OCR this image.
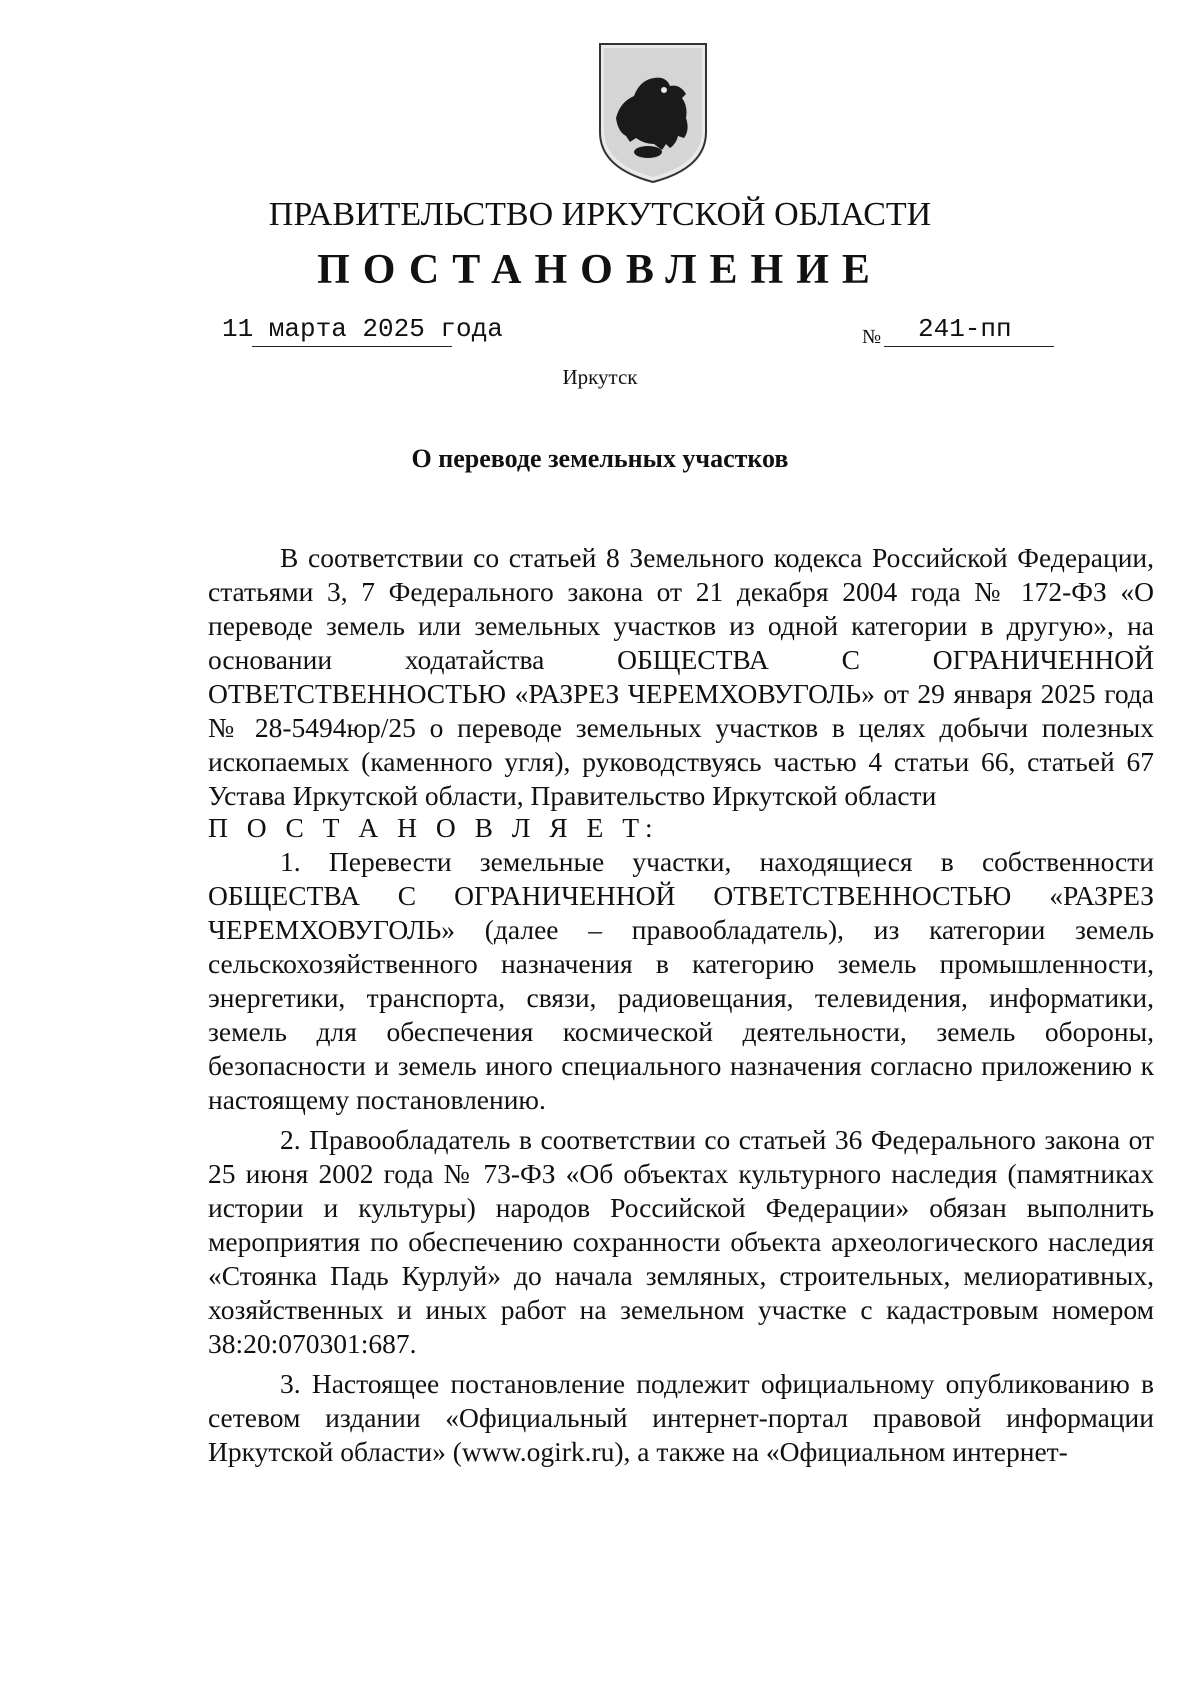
ПРАВИТЕЛЬСТВО ИРКУТСКОЙ ОБЛАСТИ
ПОСТАНОВЛЕНИЕ
11 марта 2025 года	№ 241-пп
Иркутск
О переводе земельных участков

В соответствии со статьей 8 Земельного кодекса Российской Федерации, статьями 3, 7 Федерального закона от 21 декабря 2004 года № 172-ФЗ «О переводе земель или земельных участков из одной категории в другую», на основании ходатайства ОБЩЕСТВА С ОГРАНИЧЕННОЙ ОТВЕТСТВЕННОСТЬЮ «РАЗРЕЗ ЧЕРЕМХОВУГОЛЬ» от 29 января 2025 года № 28-5494юр/25 о переводе земельных участков в целях добычи полезных ископаемых (каменного угля), руководствуясь частью 4 статьи 66, статьей 67 Устава Иркутской области, Правительство Иркутской области

П О С Т А Н О В Л Я Е Т:

1. Перевести земельные участки, находящиеся в собственности ОБЩЕСТВА С ОГРАНИЧЕННОЙ ОТВЕТСТВЕННОСТЬЮ «РАЗРЕЗ ЧЕРЕМХОВУГОЛЬ» (далее – правообладатель), из категории земель сельскохозяйственного назначения в категорию земель промышленности, энергетики, транспорта, связи, радиовещания, телевидения, информатики, земель для обеспечения космической деятельности, земель обороны, безопасности и земель иного специального назначения согласно приложению к настоящему постановлению.

2. Правообладатель в соответствии со статьей 36 Федерального закона от 25 июня 2002 года № 73-ФЗ «Об объектах культурного наследия (памятниках истории и культуры) народов Российской Федерации» обязан выполнить мероприятия по обеспечению сохранности объекта археологического наследия «Стоянка Падь Курлуй» до начала земляных, строительных, мелиоративных, хозяйственных и иных работ на земельном участке с кадастровым номером 38:20:070301:687.

3. Настоящее постановление подлежит официальному опубликованию в сетевом издании «Официальный интернет-портал правовой информации Иркутской области» (www.ogirk.ru), а также на «Официальном интернет-
